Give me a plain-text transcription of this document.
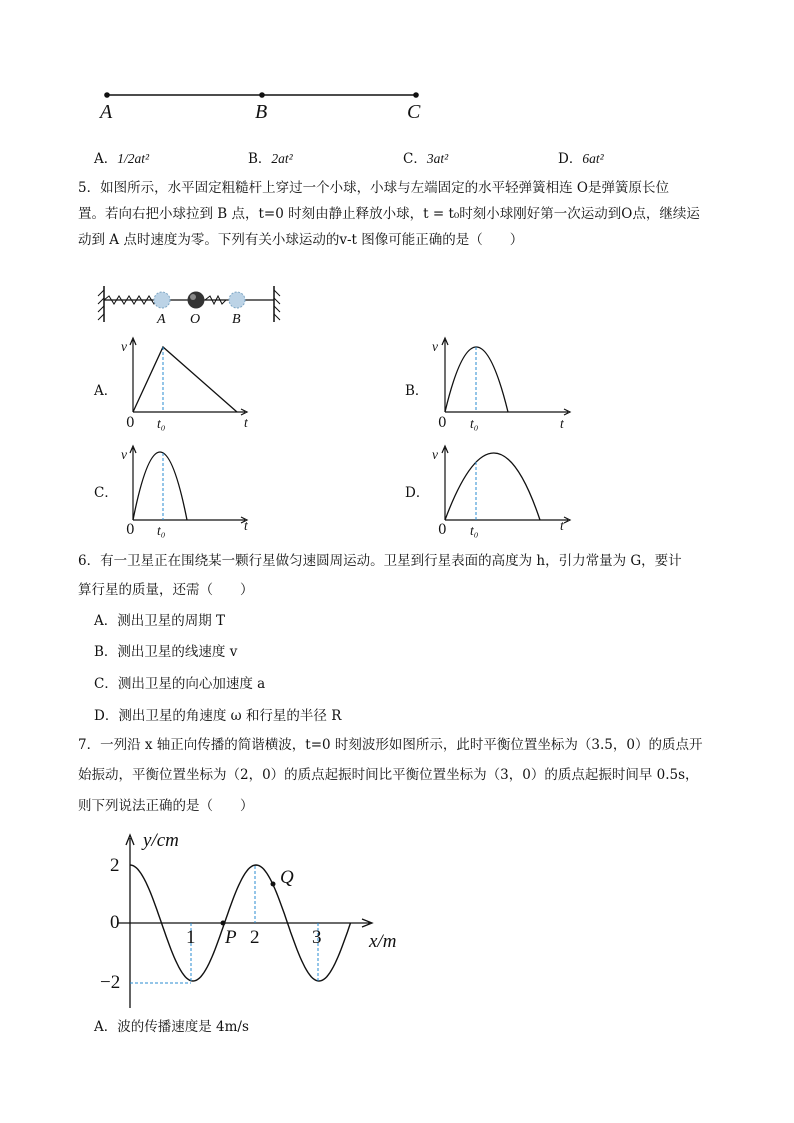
A	B	C
A．1/2at²	B．2at²	C．3at²	D．6at²
5．如图所示，水平固定粗糙杆上穿过一个小球，小球与左端固定的水平轻弹簧相连 O是弹簧原长位
置。若向右把小球拉到 B 点，t=0 时刻由静止释放小球，t = t₀时刻小球刚好第一次运动到O点，继续运
动到 A 点时速度为零。下列有关小球运动的v-t 图像可能正确的是（　　）
A O B
A．
v
0 t₀	t
B．
v
0 t₀	t
C．
v
0 t₀	t
D．
v
0 t₀	t
6．有一卫星正在围绕某一颗行星做匀速圆周运动。卫星到行星表面的高度为 h，引力常量为 G，要计
算行星的质量，还需（　　）
A．测出卫星的周期 T
B．测出卫星的线速度 v
C．测出卫星的向心加速度 a
D．测出卫星的角速度 ω 和行星的半径 R
7．一列沿 x 轴正向传播的简谐横波，t=0 时刻波形如图所示，此时平衡位置坐标为（3.5，0）的质点开
始振动，平衡位置坐标为（2，0）的质点起振时间比平衡位置坐标为（3，0）的质点起振时间早 0.5s，
则下列说法正确的是（　　）
y/cm
x/m
2
0
−2
1	2	3
P
Q
A．波的传播速度是 4m/s
